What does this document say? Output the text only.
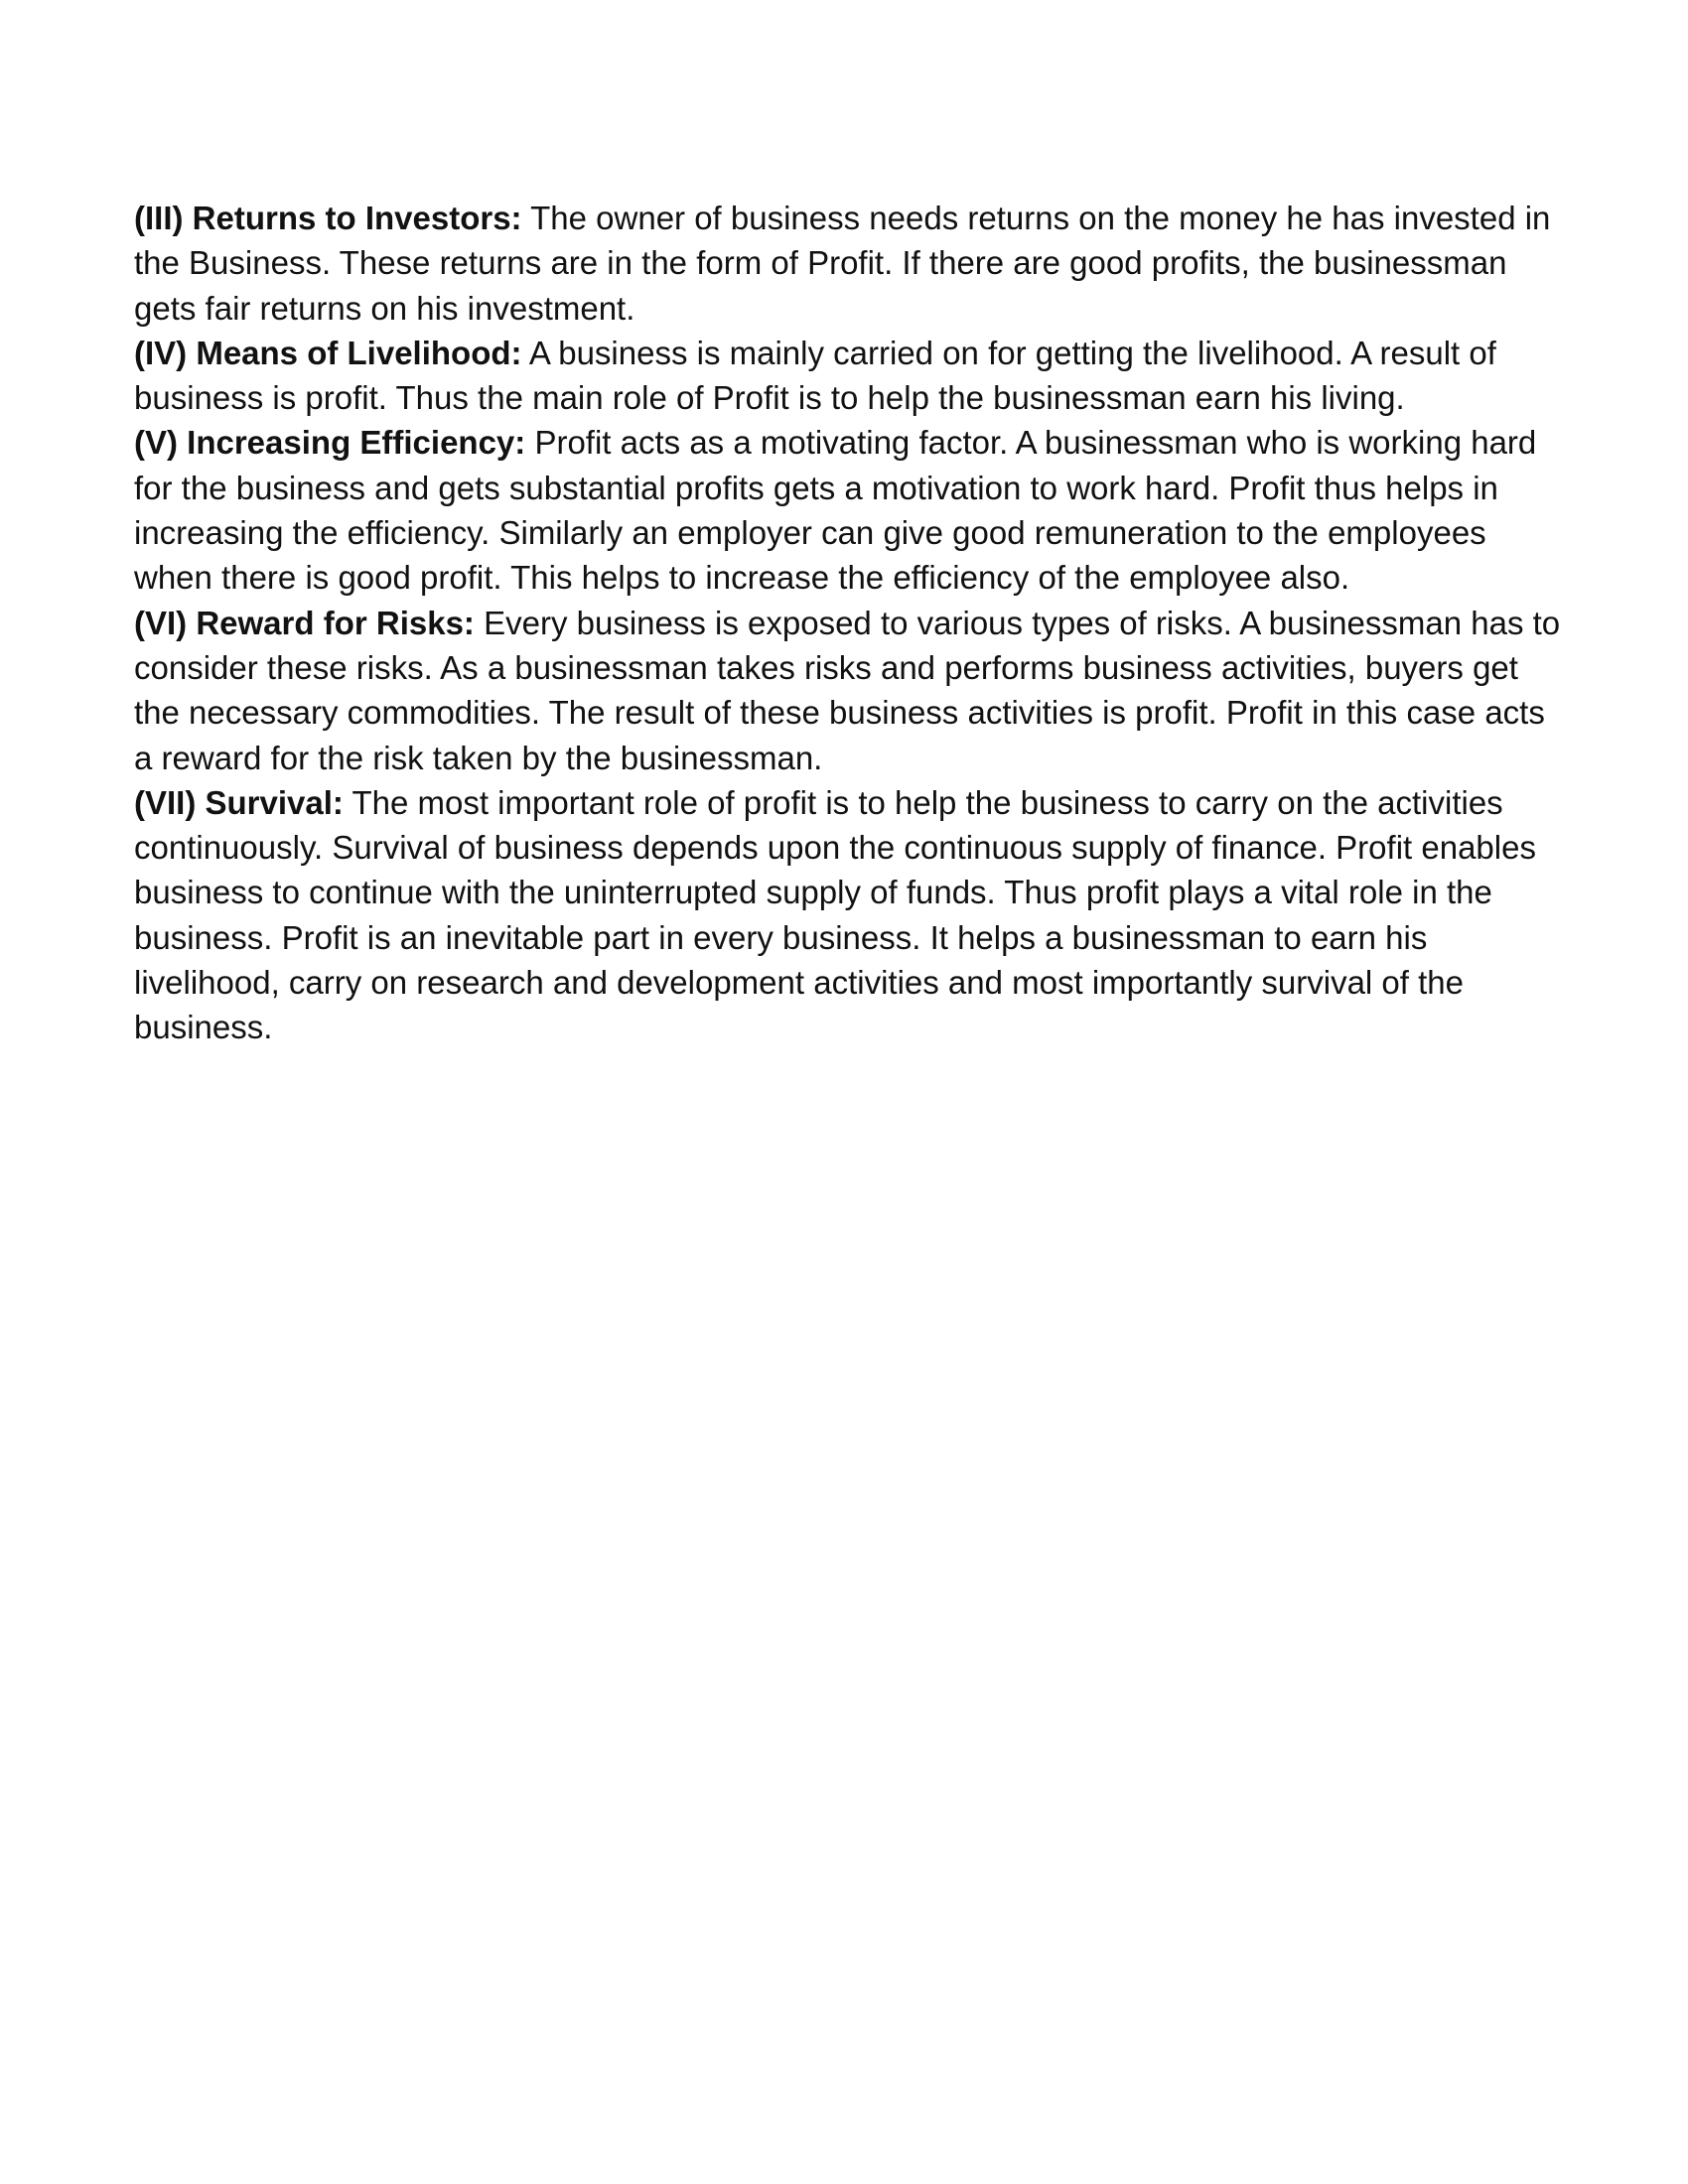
(III) Returns to Investors: The owner of business needs returns on the money he has invested in the Business. These returns are in the form of Profit. If there are good profits, the businessman gets fair returns on his investment.

(IV) Means of Livelihood: A business is mainly carried on for getting the livelihood. A result of business is profit. Thus the main role of Profit is to help the businessman earn his living.

(V) Increasing Efficiency: Profit acts as a motivating factor. A businessman who is working hard for the business and gets substantial profits gets a motivation to work hard. Profit thus helps in increasing the efficiency. Similarly an employer can give good remuneration to the employees when there is good profit. This helps to increase the efficiency of the employee also.

(VI) Reward for Risks: Every business is exposed to various types of risks. A businessman has to consider these risks. As a businessman takes risks and performs business activities, buyers get the necessary commodities. The result of these business activities is profit. Profit in this case acts a reward for the risk taken by the businessman.

(VII) Survival: The most important role of profit is to help the business to carry on the activities continuously. Survival of business depends upon the continuous supply of finance. Profit enables business to continue with the uninterrupted supply of funds. Thus profit plays a vital role in the business. Profit is an inevitable part in every business. It helps a businessman to earn his livelihood, carry on research and development activities and most importantly survival of the business.
